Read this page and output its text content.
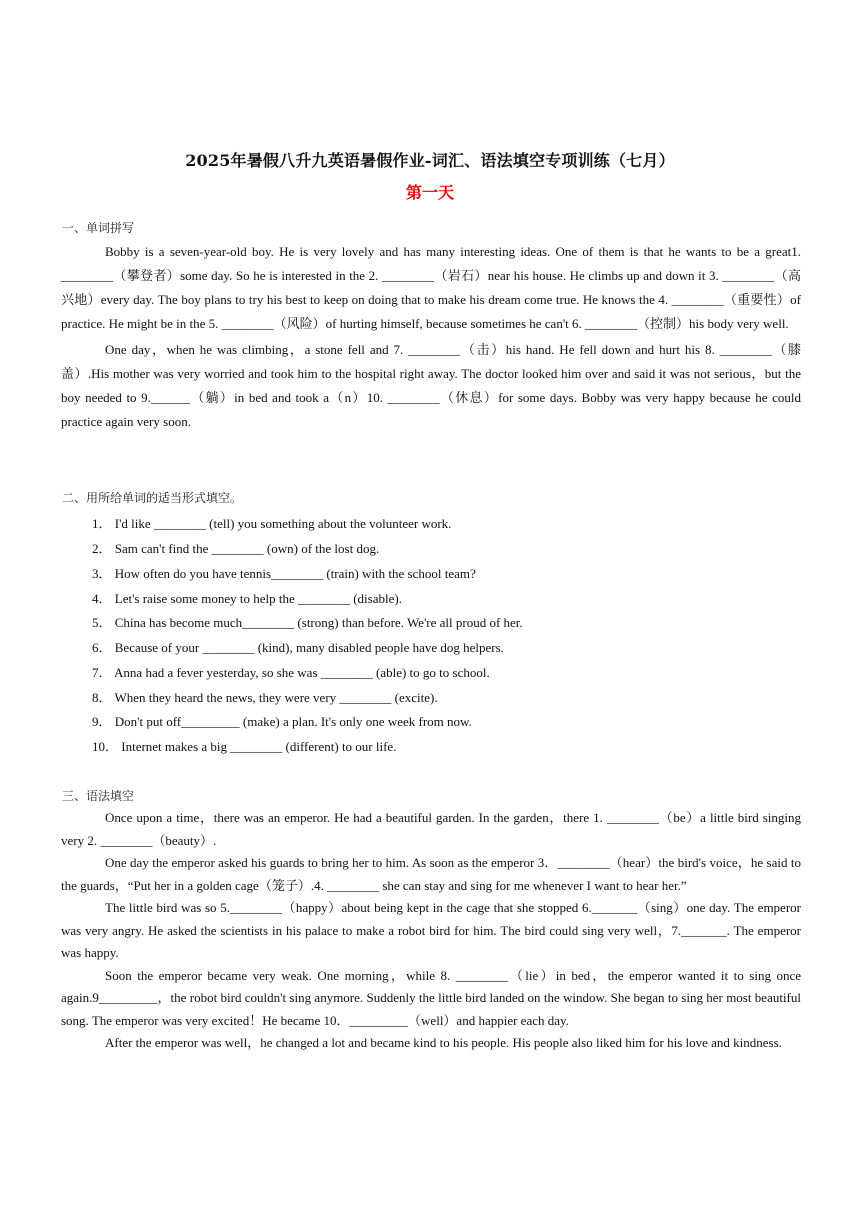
2025年暑假八升九英语暑假作业-词汇、语法填空专项训练（七月）
第一天
一、单词拼写

Bobby is a seven-year-old boy. He is very lovely and has many interesting ideas. One of them is that he wants to be a great1. ________（攀登者）some day. So he is interested in the 2. ________（岩石）near his house. He climbs up and down it 3. ________（高兴地）every day. The boy plans to try his best to keep on doing that to make his dream come true. He knows the 4. ________（重要性）of practice. He might be in the 5. ________（风险）of hurting himself, because sometimes he can't 6. ________（控制）his body very well.

One day，when he was climbing，a stone fell and 7. ________（击）his hand. He fell down and hurt his 8. ________（膝盖）.His mother was very worried and took him to the hospital right away. The doctor looked him over and said it was not serious，but the boy needed to 9.______（躺）in bed and took a（n）10. ________（休息）for some days. Bobby was very happy because he could practice again very soon.

二、用所给单词的适当形式填空。
1． I'd like ________ (tell) you something about the volunteer work.
2． Sam can't find the ________ (own) of the lost dog.
3． How often do you have tennis________ (train) with the school team?
4． Let's raise some money to help the ________ (disable).
5． China has become much________ (strong) than before. We're all proud of her.
6． Because of your ________ (kind), many disabled people have dog helpers.
7． Anna had a fever yesterday, so she was ________ (able) to go to school.
8． When they heard the news, they were very ________ (excite).
9． Don't put off_________ (make) a plan. It's only one week from now.
10． Internet makes a big ________ (different) to our life.
三、语法填空

Once upon a time，there was an emperor. He had a beautiful garden. In the garden，there 1. ________（be）a little bird singing very 2. ________（beauty）.

One day the emperor asked his guards to bring her to him. As soon as the emperor 3．________（hear）the bird's voice，he said to the guards，“Put her in a golden cage（笼子）.4. ________ she can stay and sing for me whenever I want to hear her.”

The little bird was so 5.________（happy）about being kept in the cage that she stopped 6._______（sing）one day. The emperor was very angry. He asked the scientists in his palace to make a robot bird for him. The bird could sing very well，7._______. The emperor was happy.

Soon the emperor became very weak. One morning，while 8. ________（lie）in bed，the emperor wanted it to sing once again.9_________，the robot bird couldn't sing anymore. Suddenly the little bird landed on the window. She began to sing her most beautiful song. The emperor was very excited！He became 10．_________（well）and happier each day.

After the emperor was well，he changed a lot and became kind to his people. His people also liked him for his love and kindness.
